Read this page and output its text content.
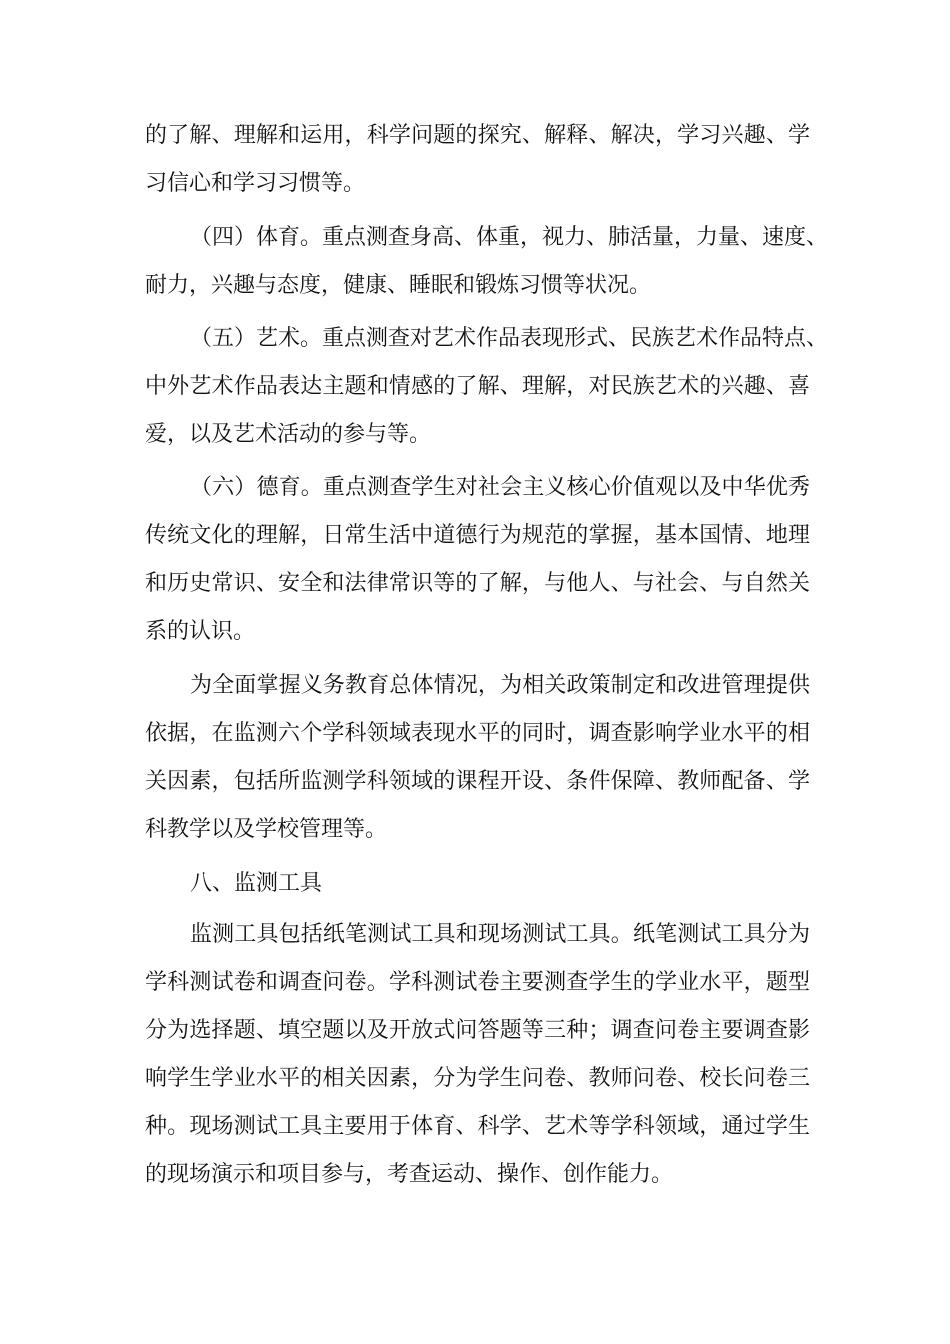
的了解、理解和运用，科学问题的探究、解释、解决，学习兴趣、学
习信心和学习习惯等。
（四）体育。重点测查身高、体重，视力、肺活量，力量、速度、
耐力，兴趣与态度，健康、睡眠和锻炼习惯等状况。
（五）艺术。重点测查对艺术作品表现形式、民族艺术作品特点、
中外艺术作品表达主题和情感的了解、理解，对民族艺术的兴趣、喜
爱，以及艺术活动的参与等。
（六）德育。重点测查学生对社会主义核心价值观以及中华优秀
传统文化的理解，日常生活中道德行为规范的掌握，基本国情、地理
和历史常识、安全和法律常识等的了解，与他人、与社会、与自然关
系的认识。
为全面掌握义务教育总体情况，为相关政策制定和改进管理提供
依据，在监测六个学科领域表现水平的同时，调查影响学业水平的相
关因素，包括所监测学科领域的课程开设、条件保障、教师配备、学
科教学以及学校管理等。
八、监测工具
监测工具包括纸笔测试工具和现场测试工具。纸笔测试工具分为
学科测试卷和调查问卷。学科测试卷主要测查学生的学业水平，题型
分为选择题、填空题以及开放式问答题等三种；调查问卷主要调查影
响学生学业水平的相关因素，分为学生问卷、教师问卷、校长问卷三
种。现场测试工具主要用于体育、科学、艺术等学科领域，通过学生
的现场演示和项目参与，考查运动、操作、创作能力。
